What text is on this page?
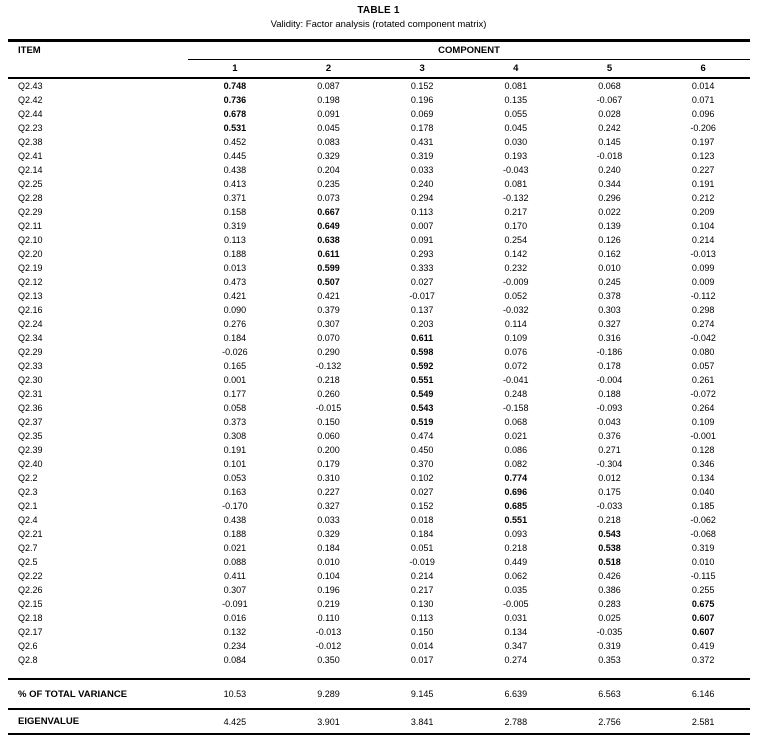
TABLE 1
Validity: Factor analysis (rotated component matrix)
ITEM	COMPONENT					
	1	2	3	4	5	6
Q2.43	0.748	0.087	0.152	0.081	0.068	0.014
Q2.42	0.736	0.198	0.196	0.135	-0.067	0.071
Q2.44	0.678	0.091	0.069	0.055	0.028	0.096
Q2.23	0.531	0.045	0.178	0.045	0.242	-0.206
Q2.38	0.452	0.083	0.431	0.030	0.145	0.197
Q2.41	0.445	0.329	0.319	0.193	-0.018	0.123
Q2.14	0.438	0.204	0.033	-0.043	0.240	0.227
Q2.25	0.413	0.235	0.240	0.081	0.344	0.191
Q2.28	0.371	0.073	0.294	-0.132	0.296	0.212
Q2.29	0.158	0.667	0.113	0.217	0.022	0.209
Q2.11	0.319	0.649	0.007	0.170	0.139	0.104
Q2.10	0.113	0.638	0.091	0.254	0.126	0.214
Q2.20	0.188	0.611	0.293	0.142	0.162	-0.013
Q2.19	0.013	0.599	0.333	0.232	0.010	0.099
Q2.12	0.473	0.507	0.027	-0.009	0.245	0.009
Q2.13	0.421	0.421	-0.017	0.052	0.378	-0.112
Q2.16	0.090	0.379	0.137	-0.032	0.303	0.298
Q2.24	0.276	0.307	0.203	0.114	0.327	0.274
Q2.34	0.184	0.070	0.611	0.109	0.316	-0.042
Q2.29	-0.026	0.290	0.598	0.076	-0.186	0.080
Q2.33	0.165	-0.132	0.592	0.072	0.178	0.057
Q2.30	0.001	0.218	0.551	-0.041	-0.004	0.261
Q2.31	0.177	0.260	0.549	0.248	0.188	-0.072
Q2.36	0.058	-0.015	0.543	-0.158	-0.093	0.264
Q2.37	0.373	0.150	0.519	0.068	0.043	0.109
Q2.35	0.308	0.060	0.474	0.021	0.376	-0.001
Q2.39	0.191	0.200	0.450	0.086	0.271	0.128
Q2.40	0.101	0.179	0.370	0.082	-0.304	0.346
Q2.2	0.053	0.310	0.102	0.774	0.012	0.134
Q2.3	0.163	0.227	0.027	0.696	0.175	0.040
Q2.1	-0.170	0.327	0.152	0.685	-0.033	0.185
Q2.4	0.438	0.033	0.018	0.551	0.218	-0.062
Q2.21	0.188	0.329	0.184	0.093	0.543	-0.068
Q2.7	0.021	0.184	0.051	0.218	0.538	0.319
Q2.5	0.088	0.010	-0.019	0.449	0.518	0.010
Q2.22	0.411	0.104	0.214	0.062	0.426	-0.115
Q2.26	0.307	0.196	0.217	0.035	0.386	0.255
Q2.15	-0.091	0.219	0.130	-0.005	0.283	0.675
Q2.18	0.016	0.110	0.113	0.031	0.025	0.607
Q2.17	0.132	-0.013	0.150	0.134	-0.035	0.607
Q2.6	0.234	-0.012	0.014	0.347	0.319	0.419
Q2.8	0.084	0.350	0.017	0.274	0.353	0.372

% OF TOTAL VARIANCE	10.53	9.289	9.145	6.639	6.563	6.146
EIGENVALUE	4.425	3.901	3.841	2.788	2.756	2.581
